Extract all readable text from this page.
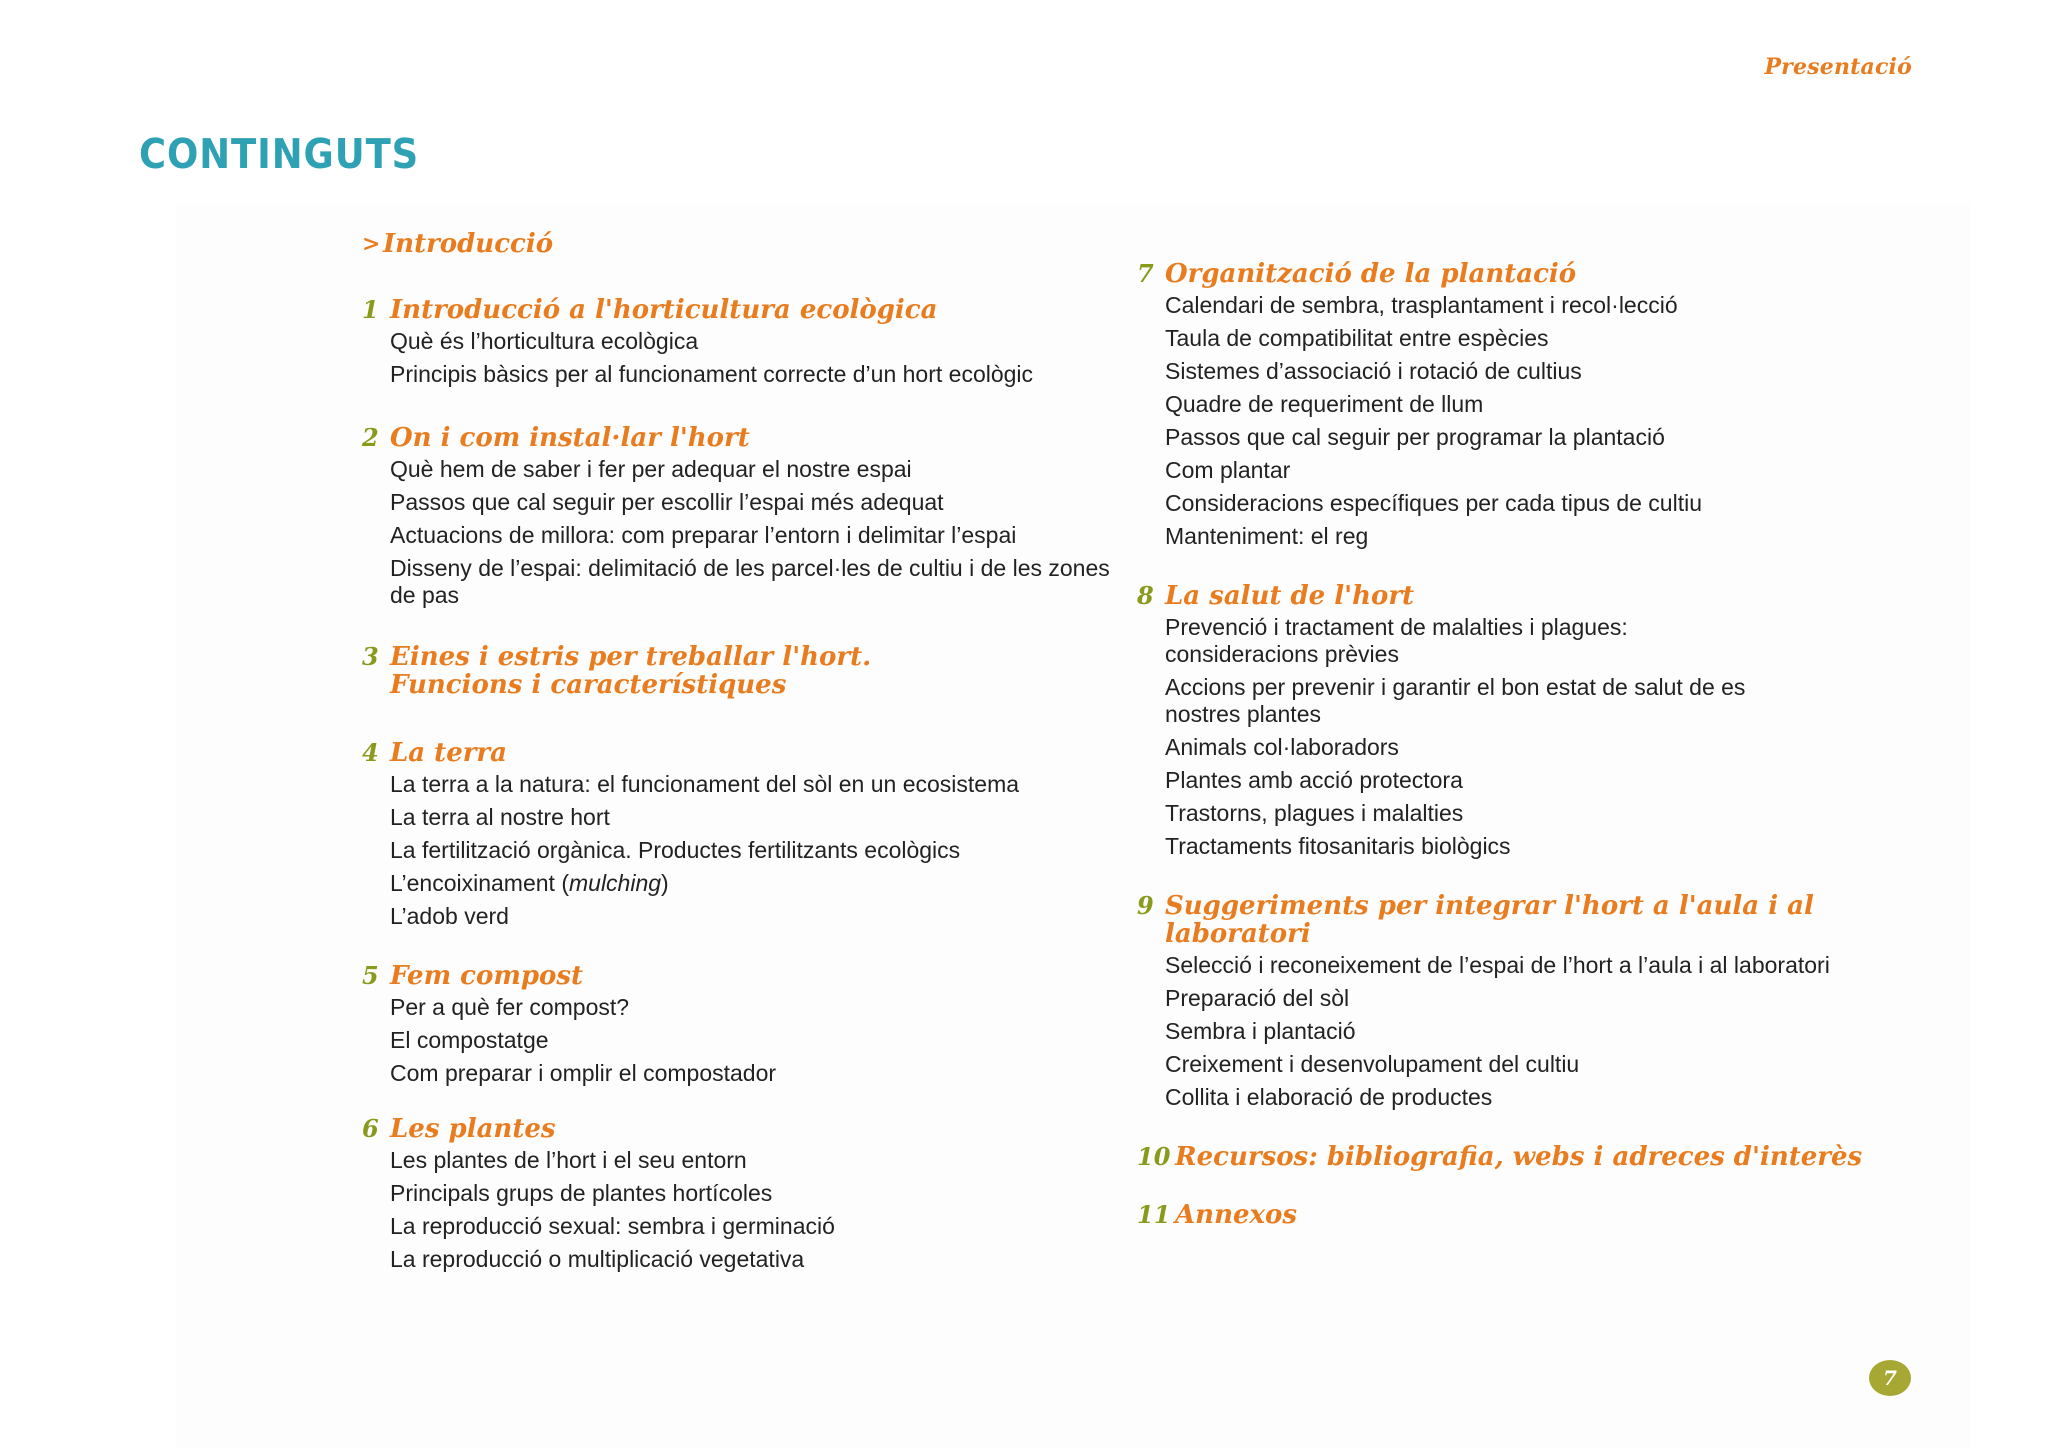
Presentació
CONTINGUTS
> Introducció
1 Introducció a l'horticultura ecològica
Què és l’horticultura ecològica
Principis bàsics per al funcionament correcte d’un hort ecològic
2 On i com instal·lar l'hort
Què hem de saber i fer per adequar el nostre espai
Passos que cal seguir per escollir l’espai més adequat
Actuacions de millora: com preparar l’entorn i delimitar l’espai
Disseny de l’espai: delimitació de les parcel·les de cultiu i de les zones de pas
3 Eines i estris per treballar l'hort. Funcions i característiques
4 La terra
La terra a la natura: el funcionament del sòl en un ecosistema
La terra al nostre hort
La fertilització orgànica. Productes fertilitzants ecològics
L’encoixinament (mulching)
L’adob verd
5 Fem compost
Per a què fer compost?
El compostatge
Com preparar i omplir el compostador
6 Les plantes
Les plantes de l’hort i el seu entorn
Principals grups de plantes hortícoles
La reproducció sexual: sembra i germinació
La reproducció o multiplicació vegetativa
7 Organització de la plantació
Calendari de sembra, trasplantament i recol·lecció
Taula de compatibilitat entre espècies
Sistemes d’associació i rotació de cultius
Quadre de requeriment de llum
Passos que cal seguir per programar la plantació
Com plantar
Consideracions específiques per cada tipus de cultiu
Manteniment: el reg
8 La salut de l'hort
Prevenció i tractament de malalties i plagues: consideracions prèvies
Accions per prevenir i garantir el bon estat de salut de es nostres plantes
Animals col·laboradors
Plantes amb acció protectora
Trastorns, plagues i malalties
Tractaments fitosanitaris biològics
9 Suggeriments per integrar l'hort a l'aula i al laboratori
Selecció i reconeixement de l’espai de l’hort a l’aula i al laboratori
Preparació del sòl
Sembra i plantació
Creixement i desenvolupament del cultiu
Collita i elaboració de productes
10 Recursos: bibliografia, webs i adreces d'interès
11 Annexos
7
